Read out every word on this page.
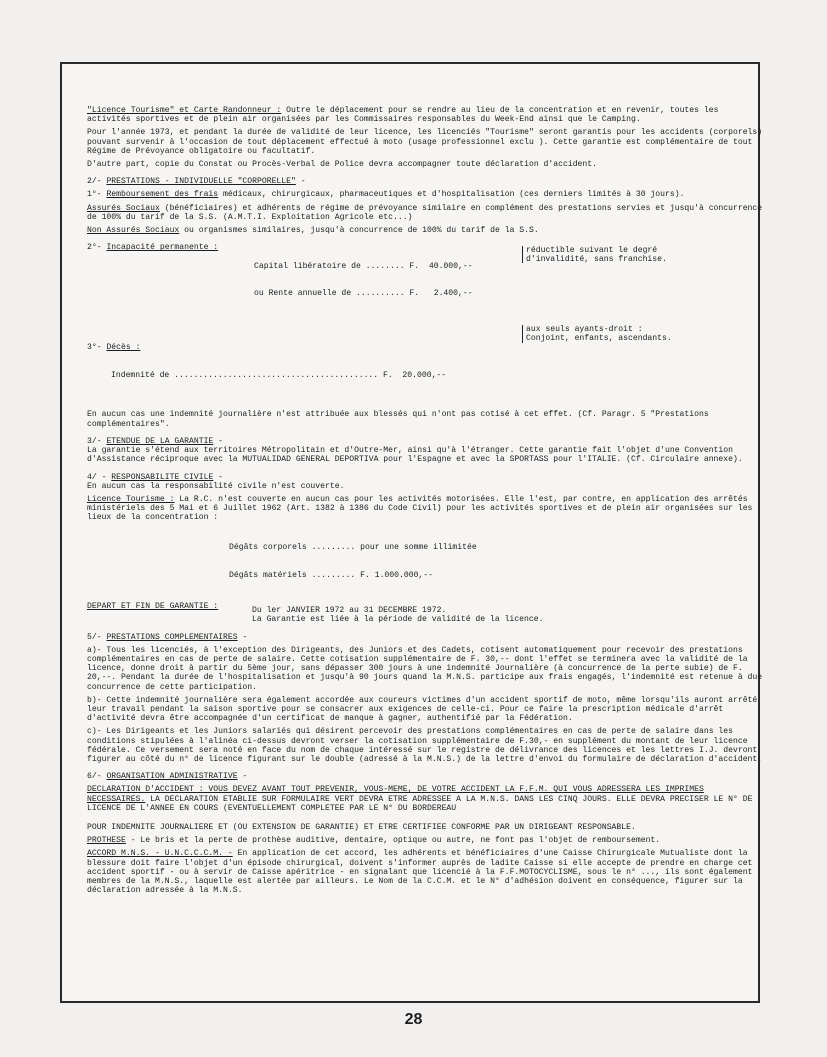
"Licence Tourisme" et Carte Randonneur : Outre le déplacement pour se rendre au lieu de la concentration et en revenir, toutes les activités sportives et de plein air organisées par les Commissaires responsables du Week-End ainsi que le Camping.

Pour l'année 1973, et pendant la durée de validité de leur licence, les licenciés "Tourisme" seront garantis pour les accidents (corporels) pouvant survenir à l'occasion de tout déplacement effectué à moto (usage professionnel exclu ). Cette garantie est complémentaire de tout Régime de Prévoyance obligatoire ou facultatif.

D'autre part, copie du Constat ou Procès-Verbal de Police devra accompagner toute déclaration d'accident.

2/- PRESTATIONS - INDIVIDUELLE "CORPORELLE" -

1°- Remboursement des frais médicaux, chirurgicaux, pharmaceutiques et d'hospitalisation (ces derniers limités à 30 jours).

Assurés Sociaux (bénéficiaires) et adhérents de régime de prévoyance similaire en complément des prestations servies et jusqu'à concurrence de 100% du tarif de la S.S. (A.M.T.I. Exploitation Agricole etc...)

Non Assurés Sociaux ou organismes similaires, jusqu'à concurrence de 100% du tarif de la S.S.

2°- Incapacité permanente :

Capital libératoire de ........ F.  40.000,--

ou Rente annuelle de .......... F.   2.400,--

réductible suivant le degré
d'invalidité, sans franchise.

3°- Décès :

Indemnité de .......................................... F.  20.000,--

aux seuls ayants-droit :
Conjoint, enfants, ascendants.

En aucun cas une indemnité journalière n'est attribuée aux blessés qui n'ont pas cotisé à cet effet. (Cf. Paragr. 5 "Prestations complémentaires".

3/- ETENDUE DE LA GARANTIE -

La garantie s'étend aux territoires Métropolitain et d'Outre-Mer, ainsi qu'à l'étranger. Cette garantie fait l'objet d'une Convention d'Assistance réciproque avec la MUTUALIDAD GENERAL DEPORTIVA pour l'Espagne et avec la SPORTASS pour l'ITALIE. (Cf. Circulaire annexe).

4/ - RESPONSABILITE CIVILE -

En aucun cas la responsabilité civile n'est couverte.

Licence Tourisme : La R.C. n'est couverte en aucun cas pour les activités motorisées. Elle l'est, par contre, en application des arrêtés ministériels des 5 Mai et 6 Juillet 1962 (Art. 1382 à 1386 du Code Civil) pour les activités sportives et de plein air organisées sur les lieux de la concentration :

Dégâts corporels ......... pour une somme illimitée

Dégâts matériels ......... F. 1.000.000,--

DEPART ET FIN DE GARANTIE :	Du ler JANVIER 1972 au 31 DECEMBRE 1972.
La Garantie est liée à la période de validité de la licence.

5/- PRESTATIONS COMPLEMENTAIRES -

a)- Tous les licenciés, à l'exception des Dirigeants, des Juniors et des Cadets, cotisent automatiquement pour recevoir des prestations complémentaires en cas de perte de salaire. Cette cotisation supplémentaire de F. 30,-- dont l'effet se terminera avec la validité de la licence, donne droit à partir du 5ème jour, sans dépasser 300 jours à une indemnité Journalière (à concurrence de la perte subie) de F. 20,--. Pendant la durée de l'hospitalisation et jusqu'à 90 jours quand la M.N.S. participe aux frais engagés, l'indemnité est retenue à due concurrence de cette participation.

b)- Cette indemnité journalière sera également accordée aux coureurs victimes d'un accident sportif de moto, même lorsqu'ils auront arrêté leur travail pendant la saison sportive pour se consacrer aux exigences de celle-ci. Pour ce faire la prescription médicale d'arrêt d'activité devra être accompagnée d'un certificat de manque à gagner, authentifié par la Fédération.

c)- Les Dirigeants et les Juniors salariés qui désirent percevoir des prestations complémentaires en cas de perte de salaire dans les conditions stipulées à l'alinéa ci-dessus devront verser la cotisation supplémentaire de F.30,- en supplément du montant de leur licence fédérale. Ce versement sera noté en face du nom de chaque intéressé sur le registre de délivrance des licences et les lettres I.J. devront figurer au côté du n° de licence figurant sur le double (adressé à la M.N.S.) de la lettre d'envoi du formulaire de déclaration d'accident.

6/- ORGANISATION ADMINISTRATIVE -

DECLARATION D'ACCIDENT : VOUS DEVEZ AVANT TOUT PREVENIR, VOUS-MEME, DE VOTRE ACCIDENT LA F.F.M. QUI VOUS ADRESSERA LES IMPRIMES NECESSAIRES. LA DECLARATION ETABLIE SUR FORMULAIRE VERT DEVRA ETRE ADRESSEE A LA M.N.S. DANS LES CINQ JOURS. ELLE DEVRA PRECISER LE N° DE LICENCE DE L'ANNEE EN COURS (EVENTUELLEMENT COMPLETEE PAR LE N° DU BORDEREAU

POUR INDEMNITE JOURNALIERE ET (OU EXTENSION DE GARANTIE) ET ETRE CERTIFIEE CONFORME PAR UN DIRIGEANT RESPONSABLE.

PROTHESE - Le bris et la perte de prothèse auditive, dentaire, optique ou autre, ne font pas l'objet de remboursement.

ACCORD M.N.S. - U.N.C.C.C.M. - En application de cet accord, les adhérents et bénéficiaires d'une Caisse Chirurgicale Mutualiste dont la blessure doit faire l'objet d'un épisode chirurgical, doivent s'informer auprès de ladite Caisse si elle accepte de prendre en charge cet accident sportif - ou à servir de Caisse apéritrice - en signalant que licencié à la F.F.MOTOCYCLISME, sous le n° ..., ils sont également membres de la M.N.S., laquelle est alertée par ailleurs. Le Nom de la C.C.M. et le N° d'adhésion doivent en conséquence, figurer sur la déclaration adressée à la M.N.S.

28
